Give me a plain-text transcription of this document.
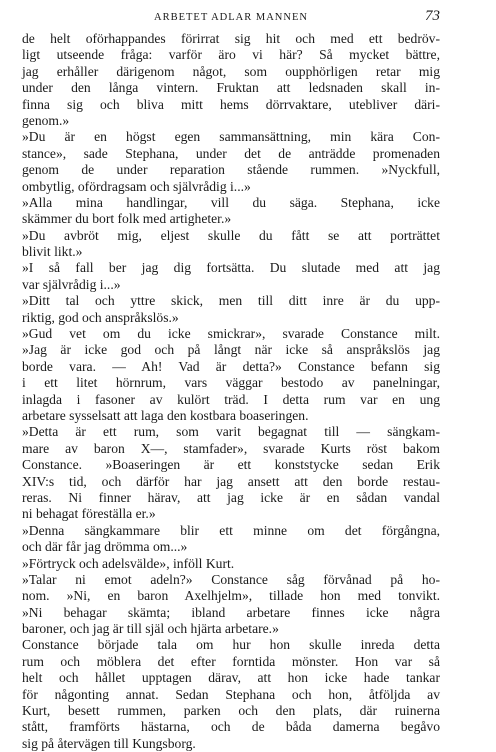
ARBETET ADLAR MANNEN	73
de helt oförhappandes förirrat sig hit och med ett bedröv-
ligt utseende fråga: varför äro vi här? Så mycket bättre,
jag erhåller därigenom något, som oupphörligen retar mig
under den långa vintern. Fruktan att ledsnaden skall in-
finna sig och bliva mitt hems dörrvaktare, utebliver däri-
genom.»
»Du är en högst egen sammansättning, min kära Con-
stance», sade Stephana, under det de anträdde promenaden
genom de under reparation stående rummen. »Nyckfull,
ombytlig, ofördragsam och självrådig i...»
»Alla mina handlingar, vill du säga. Stephana, icke
skämmer du bort folk med artigheter.»
»Du avbröt mig, eljest skulle du fått se att porträttet
blivit likt.»
»I så fall ber jag dig fortsätta. Du slutade med att jag
var självrådig i...»
»Ditt tal och yttre skick, men till ditt inre är du upp-
riktig, god och anspråkslös.»
»Gud vet om du icke smickrar», svarade Constance milt.
»Jag är icke god och på långt när icke så anspråkslös jag
borde vara. — Ah! Vad är detta?» Constance befann sig
i ett litet hörnrum, vars väggar bestodo av panelningar,
inlagda i fasoner av kulört träd. I detta rum var en ung
arbetare sysselsatt att laga den kostbara boaseringen.
»Detta är ett rum, som varit begagnat till — sängkam-
mare av baron X—, stamfader», svarade Kurts röst bakom
Constance. »Boaseringen är ett konststycke sedan Erik
XIV:s tid, och därför har jag ansett att den borde restau-
reras. Ni finner härav, att jag icke är en sådan vandal
ni behagat föreställa er.»
»Denna sängkammare blir ett minne om det förgångna,
och där får jag drömma om...»
»Förtryck och adelsvälde», inföll Kurt.
»Talar ni emot adeln?» Constance såg förvånad på ho-
nom. »Ni, en baron Axelhjelm», tillade hon med tonvikt.
»Ni behagar skämta; ibland arbetare finnes icke några
baroner, och jag är till själ och hjärta arbetare.»
Constance började tala om hur hon skulle inreda detta
rum och möblera det efter forntida mönster. Hon var så
helt och hållet upptagen därav, att hon icke hade tankar
för någonting annat. Sedan Stephana och hon, åtföljda av
Kurt, besett rummen, parken och den plats, där ruinerna
stått, framförts hästarna, och de båda damerna begåvo
sig på återvägen till Kungsborg.
